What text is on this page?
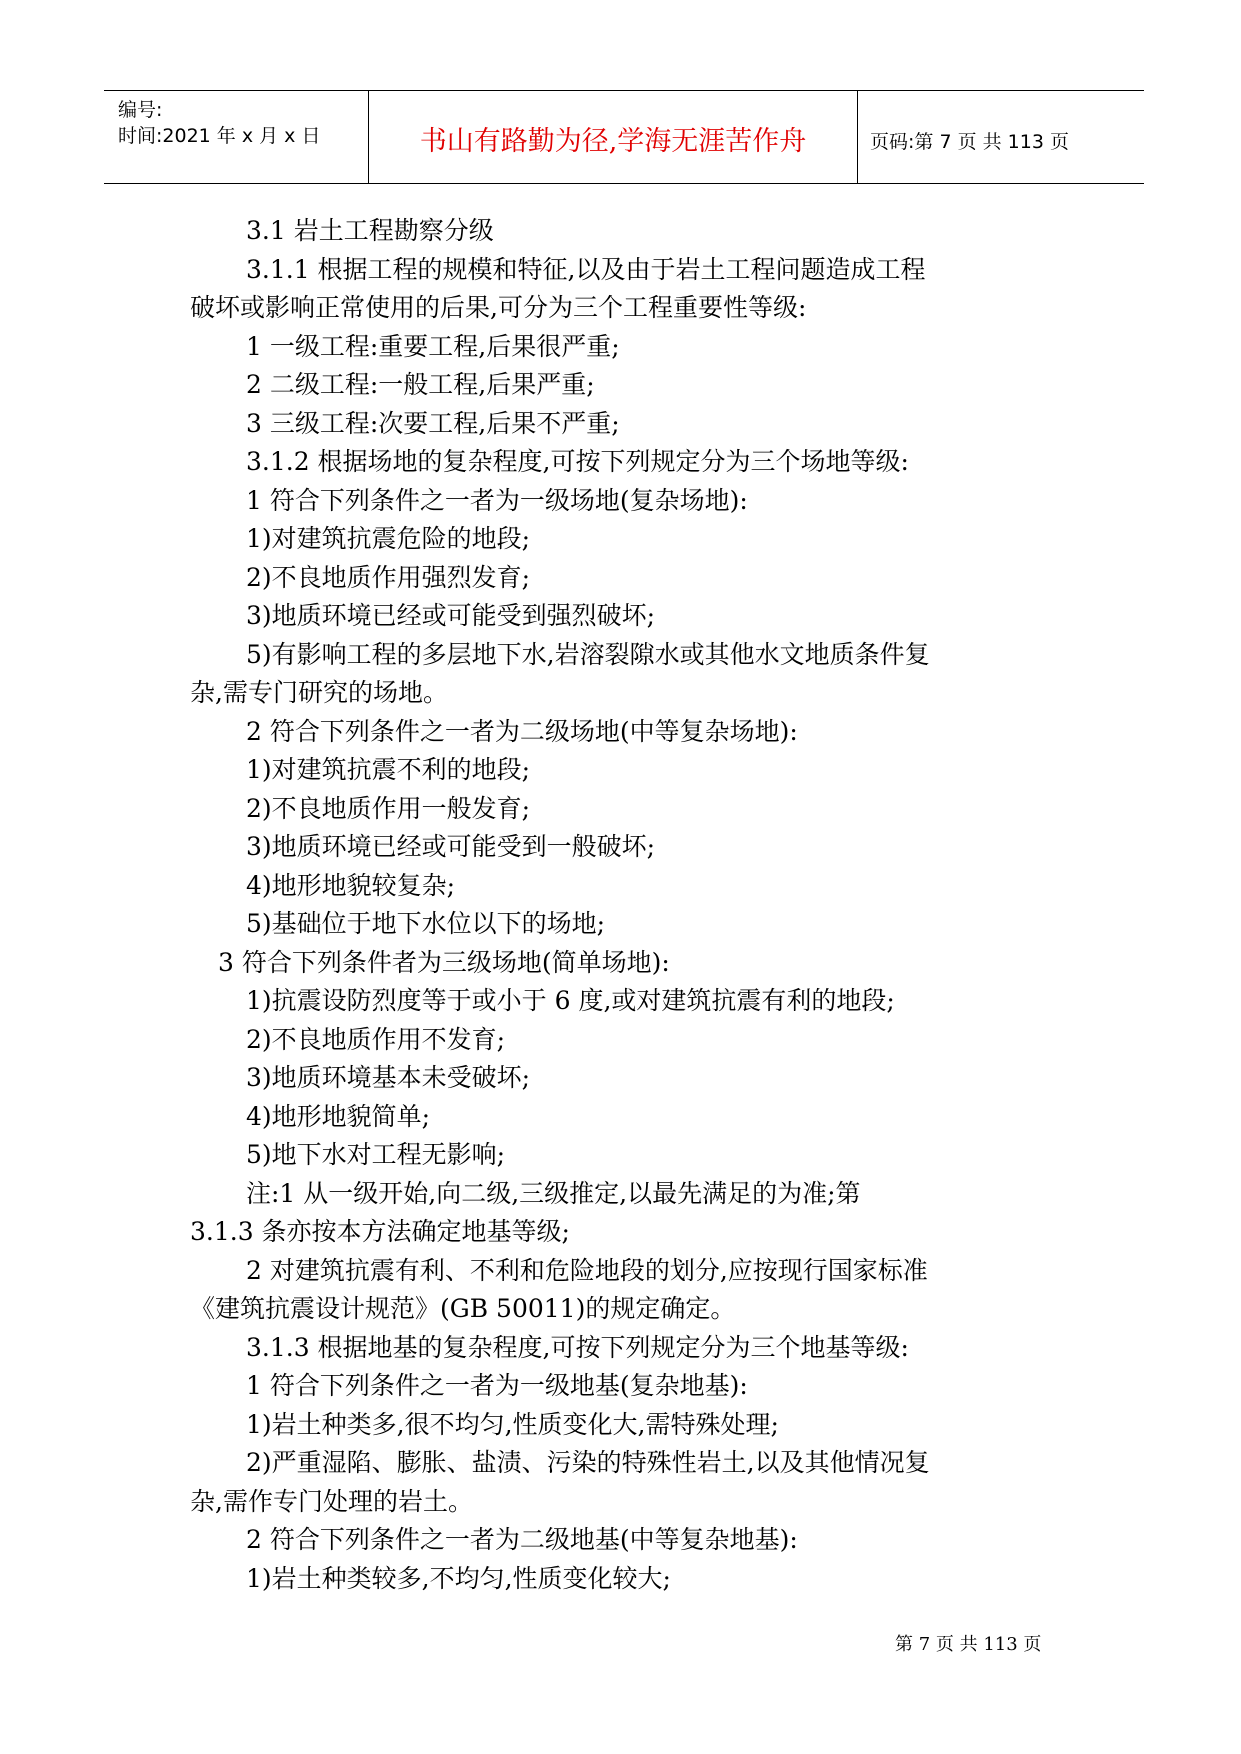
编号:
时间:2021 年 x 月 x 日	书山有路勤为径,学海无涯苦作舟	页码:第 7 页 共 113 页
3.1 岩土工程勘察分级
3.1.1 根据工程的规模和特征,以及由于岩土工程问题造成工程
破坏或影响正常使用的后果,可分为三个工程重要性等级:
1 一级工程:重要工程,后果很严重;
2 二级工程:一般工程,后果严重;
3 三级工程:次要工程,后果不严重;
3.1.2 根据场地的复杂程度,可按下列规定分为三个场地等级:
1 符合下列条件之一者为一级场地(复杂场地):
1)对建筑抗震危险的地段;
2)不良地质作用强烈发育;
3)地质环境已经或可能受到强烈破坏;
5)有影响工程的多层地下水,岩溶裂隙水或其他水文地质条件复
杂,需专门研究的场地。
2 符合下列条件之一者为二级场地(中等复杂场地):
1)对建筑抗震不利的地段;
2)不良地质作用一般发育;
3)地质环境已经或可能受到一般破坏;
4)地形地貌较复杂;
5)基础位于地下水位以下的场地;
3 符合下列条件者为三级场地(简单场地):
1)抗震设防烈度等于或小于 6 度,或对建筑抗震有利的地段;
2)不良地质作用不发育;
3)地质环境基本未受破坏;
4)地形地貌简单;
5)地下水对工程无影响;
注:1 从一级开始,向二级,三级推定,以最先满足的为准;第
3.1.3 条亦按本方法确定地基等级;
2 对建筑抗震有利、不利和危险地段的划分,应按现行国家标准
《建筑抗震设计规范》(GB 50011)的规定确定。
3.1.3 根据地基的复杂程度,可按下列规定分为三个地基等级:
1 符合下列条件之一者为一级地基(复杂地基):
1)岩土种类多,很不均匀,性质变化大,需特殊处理;
2)严重湿陷、膨胀、盐渍、污染的特殊性岩土,以及其他情况复
杂,需作专门处理的岩土。
2 符合下列条件之一者为二级地基(中等复杂地基):
1)岩土种类较多,不均匀,性质变化较大;
第 7 页 共 113 页
